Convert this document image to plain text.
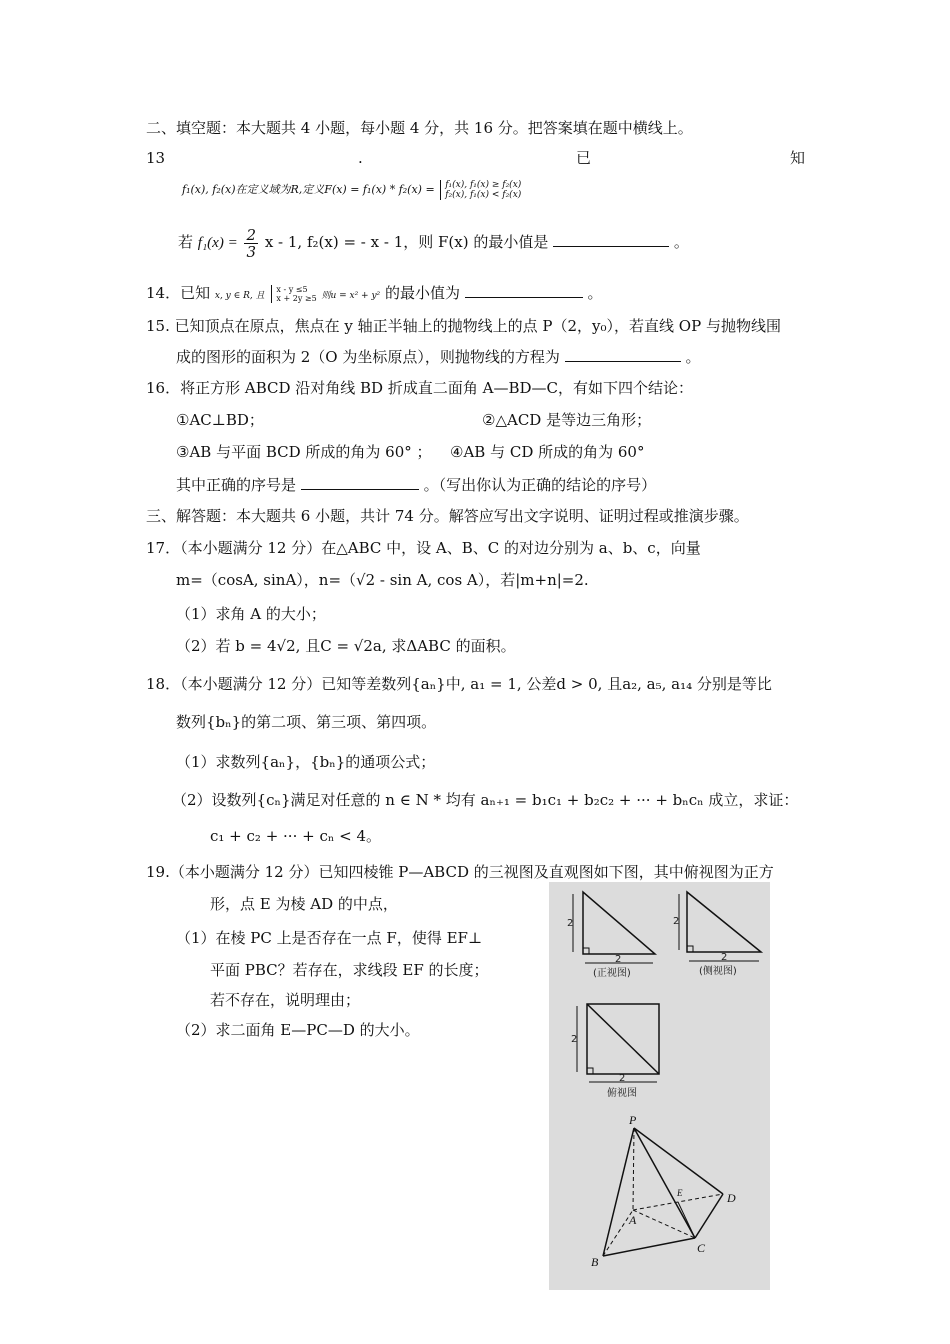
二、填空题：本大题共 4 小题，每小题 4 分，共 16 分。把答案填在题中横线上。
13	.	已	知
f₁(x), f₂(x)在定义域为R,定义F(x) = f₁(x) * f₂(x) = f₁(x), f₁(x) ≥ f₂(x)
f₂(x), f₁(x) < f₂(x)
若 $f_1(x) = \frac{2}{3}$ x - 1, f₂(x) = - x - 1，则 F(x) 的最小值是	。
14．已知 x, y ∈ R, 且
x - y ≤5
x + 2y ≥5 则u = x² + y² 的最小值为	。
15. 已知顶点在原点，焦点在 y 轴正半轴上的抛物线上的点 P（2，y₀），若直线 OP 与抛物线围
成的图形的面积为 2（O 为坐标原点），则抛物线的方程为	。
16．将正方形 ABCD 沿对角线 BD 折成直二面角 A—BD—C，有如下四个结论：
①AC⊥BD；	②△ACD 是等边三角形；
③AB 与平面 BCD 所成的角为 60° ； ④AB 与 CD 所成的角为 60°
其中正确的序号是	。（写出你认为正确的结论的序号）
三、解答题：本大题共 6 小题，共计 74 分。解答应写出文字说明、证明过程或推演步骤。
17．（本小题满分 12 分）在△ABC 中，设 A、B、C 的对边分别为 a、b、c，向量
m=（cosA, sinA），n=（√2 - sin A, cos A），若|m+n|=2.
（1）求角 A 的大小；
（2）若 b = 4√2, 且C = √2a, 求ΔABC 的面积。
18．（本小题满分 12 分）已知等差数列{aₙ}中, a₁ = 1, 公差d > 0, 且a₂, a₅, a₁₄ 分别是等比
数列{bₙ}的第二项、第三项、第四项。
（1）求数列{aₙ}，{bₙ}的通项公式；
（2）设数列{cₙ}满足对任意的 n ∈ N * 均有 aₙ₊₁ = b₁c₁ + b₂c₂ + ··· + bₙcₙ 成立，求证：
c₁ + c₂ + ··· + cₙ < 4。
19.（本小题满分 12 分）已知四棱锥 P—ABCD 的三视图及直观图如下图，其中俯视图为正方
形，点 E 为棱 AD 的中点，
（1）在棱 PC 上是否存在一点 F，使得 EF⊥
平面 PBC？若存在，求线段 EF 的长度；
若不存在，说明理由；
（2）求二面角 E—PC—D 的大小。
2
2
(正视图)
2
2
(侧视图)
2
2
俯视图
P
A
B
C
D
E
